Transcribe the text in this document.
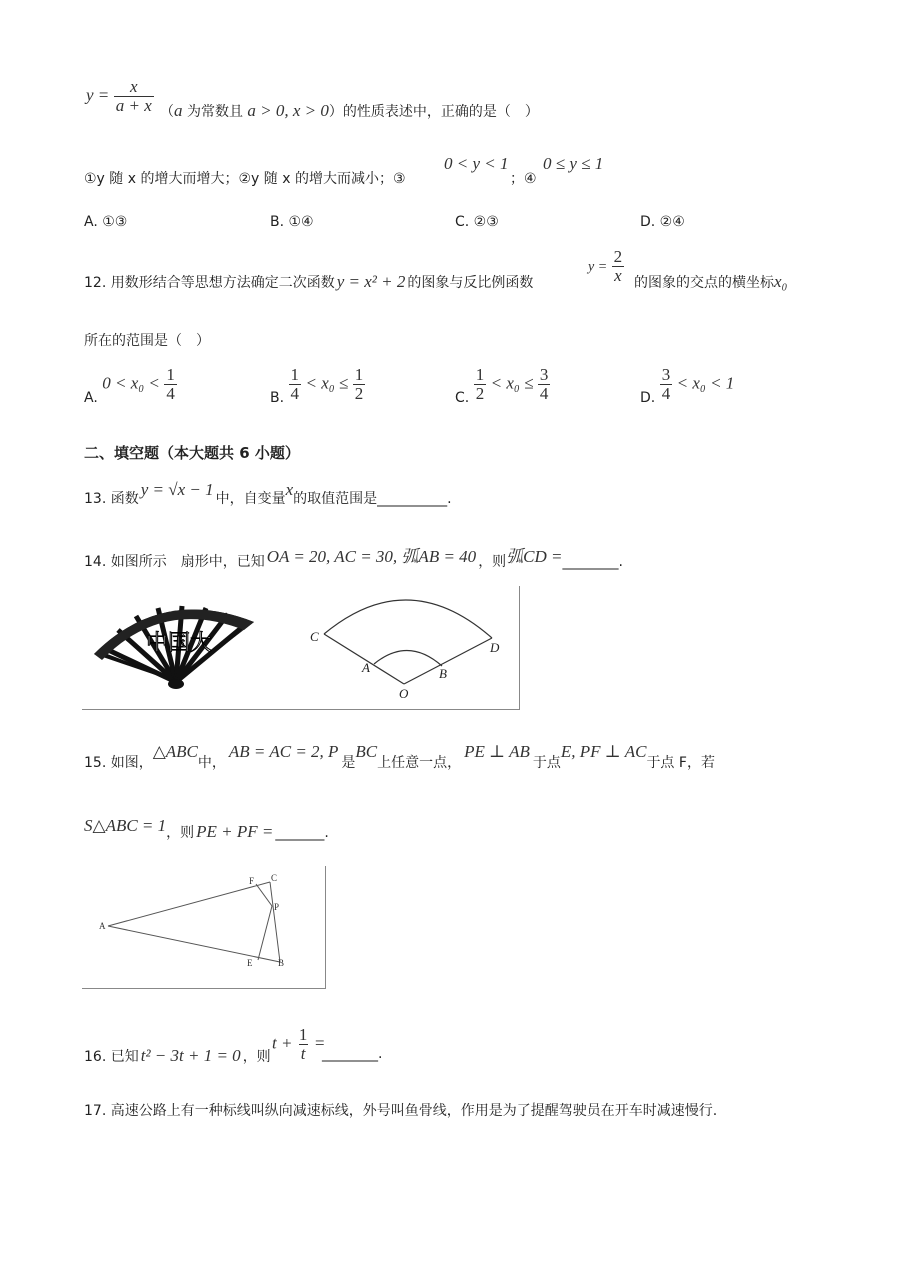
$y = \frac{x}{a + x} (a$ 为常数且 a > 0, x > 0）的性质表述中，正确的是（　）
①y 随 x 的增大而增大；②y 随 x 的增大而减小；③
0 < y < 1
；④
0 ≤ y ≤ 1
A. ①③	B. ①④	C. ②③	D. ②④
12. 用数形结合等思想方法确定二次函数 y = x² + 2 的图象与反比例函数
$y = \frac{2}{x}$ 的图象的交点的横坐标x₀
所在的范围是（　）
A. $0 < x_0 < \frac{1}{4}$	B. $\frac{1}{4} < x_0 \le \frac{1}{2}$	C. $\frac{1}{2} < x_0 \le \frac{3}{4}$	D. $\frac{3}{4} < x_0 < 1$
二、填空题（本大题共 6 小题）
13. 函数 y = √x − 1 中，自变量x的取值范围是__________.
14. 如图所示　扇形中，已知 OA = 20, AC = 30, 弧AB = 40 ，则弧CD =________.
中国大	C
A
O
B
D
15. 如图，△ABC中，AB = AC = 2, P是BC上任意一点，PE ⊥ AB于点E, PF ⊥ AC于点 F，若
S△ABC = 1，则 PE + PF = _______.
F C
P
A
E	B
16. 已知 t² − 3t + 1 = 0 ，则
$t + \frac{1}{t}$ =
________.
17. 高速公路上有一种标线叫纵向减速标线，外号叫鱼骨线，作用是为了提醒驾驶员在开车时减速慢行.
